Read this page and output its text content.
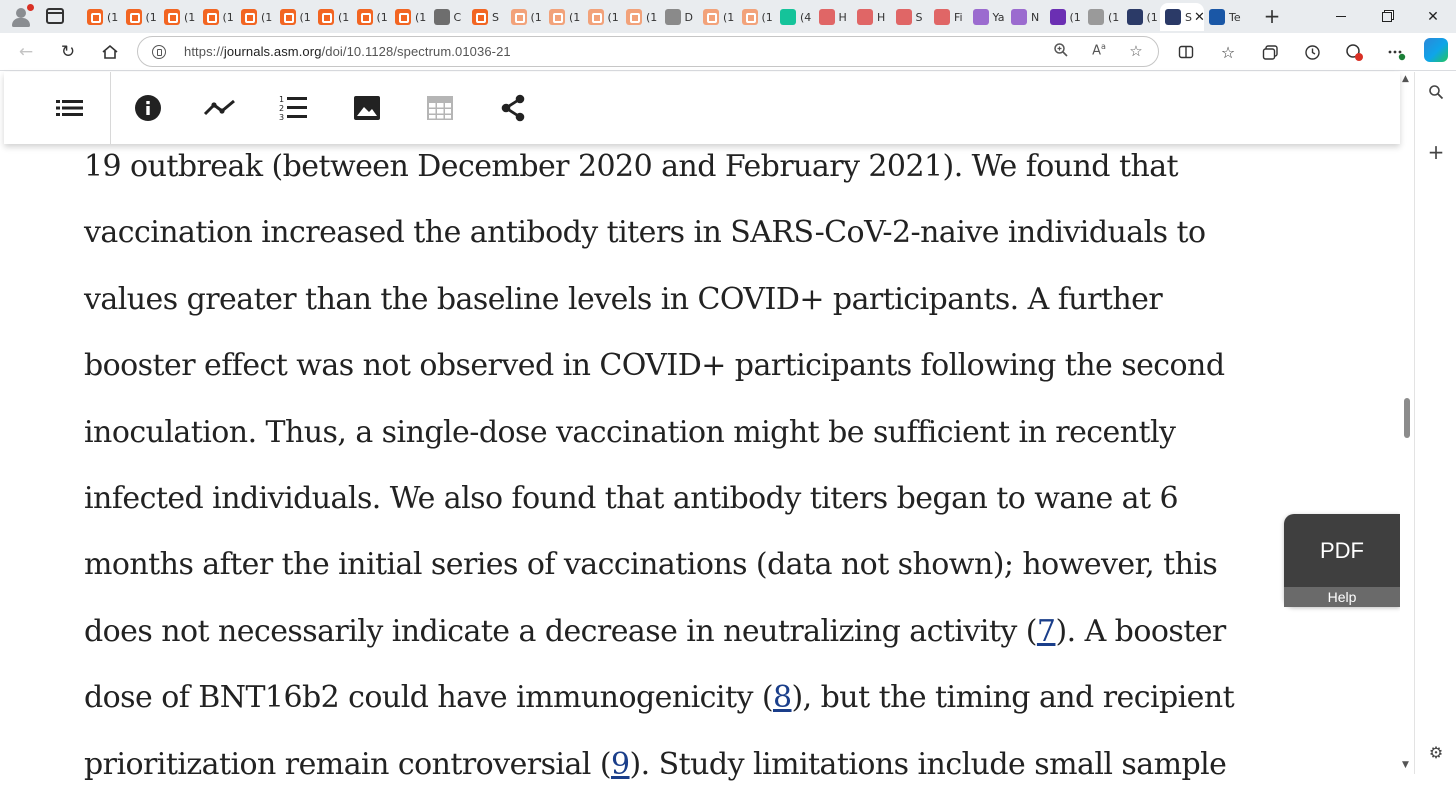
(1 (1 (1 (1 (1 (1 (1 (1 (1 C	S	(1 (1 (1 (1 D	(1 (1 (4 H	H	S	Fi	Ya N	(1 (1 (1 S ✕ Te +	✕
← ↻	https://journals.asm.org/doi/10.1128/spectrum.01036-21	$A^a$ ☆	☆
1
2
3

19 outbreak (between December 2020 and February 2021). We found that

vaccination increased the antibody titers in SARS-CoV-2-naive individuals to

values greater than the baseline levels in COVID+ participants. A further

booster effect was not observed in COVID+ participants following the second

inoculation. Thus, a single-dose vaccination might be sufficient in recently

infected individuals. We also found that antibody titers began to wane at 6

months after the initial series of vaccinations (data not shown); however, this

does not necessarily indicate a decrease in neutralizing activity (7). A booster

dose of BNT16b2 could have immunogenicity (8), but the timing and recipient

prioritization remain controversial (9). Study limitations include small sample

PDF
Help
▲
▼
+
⚙
